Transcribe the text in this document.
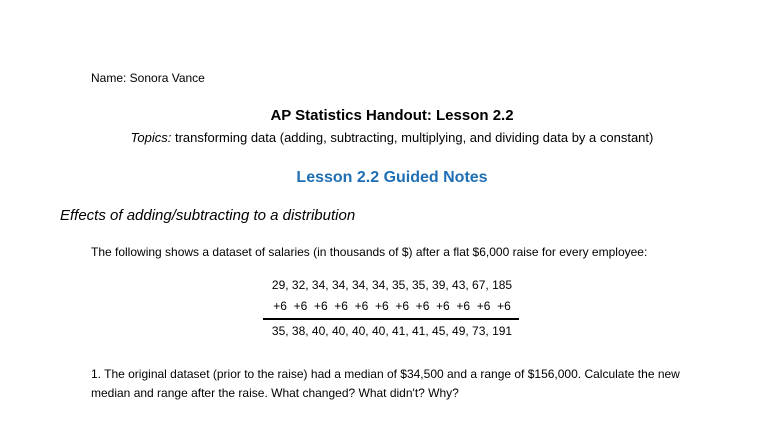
Name: Sonora Vance
AP Statistics Handout: Lesson 2.2
Topics: transforming data (adding, subtracting, multiplying, and dividing data by a constant)
Lesson 2.2 Guided Notes
Effects of adding/subtracting to a distribution
The following shows a dataset of salaries (in thousands of $) after a flat $6,000 raise for every employee:
29, 32, 34, 34, 34, 34, 35, 35, 39, 43, 67, 185
+6  +6  +6  +6  +6  +6  +6  +6  +6  +6  +6  +6
35, 38, 40, 40, 40, 40, 41, 41, 45, 49, 73, 191
1. The original dataset (prior to the raise) had a median of $34,500 and a range of $156,000. Calculate the new median and range after the raise. What changed? What didn't? Why?
